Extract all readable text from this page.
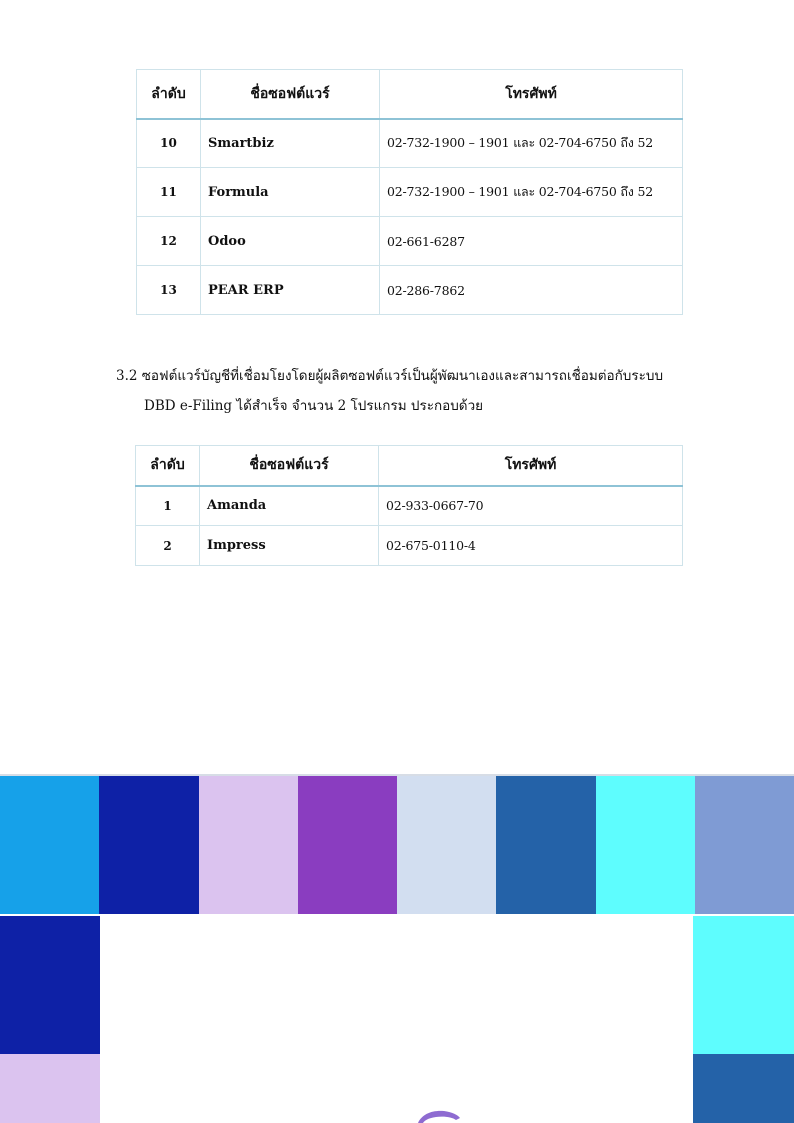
ลำดับ	ชื่อซอฟต์แวร์	โทรศัพท์
10	Smartbiz	02-732-1900 – 1901 และ 02-704-6750 ถึง 52
11	Formula	02-732-1900 – 1901 และ 02-704-6750 ถึง 52
12	Odoo	02-661-6287
13	PEAR ERP	02-286-7862
3.2 ซอฟต์แวร์บัญชีที่เชื่อมโยงโดยผู้ผลิตซอฟต์แวร์เป็นผู้พัฒนาเองและสามารถเชื่อมต่อกับระบบ
DBD e-Filing ได้สำเร็จ จำนวน 2 โปรแกรม ประกอบด้วย
ลำดับ	ชื่อซอฟต์แวร์	โทรศัพท์
1	Amanda	02-933-0667-70
2	Impress	02-675-0110-4
